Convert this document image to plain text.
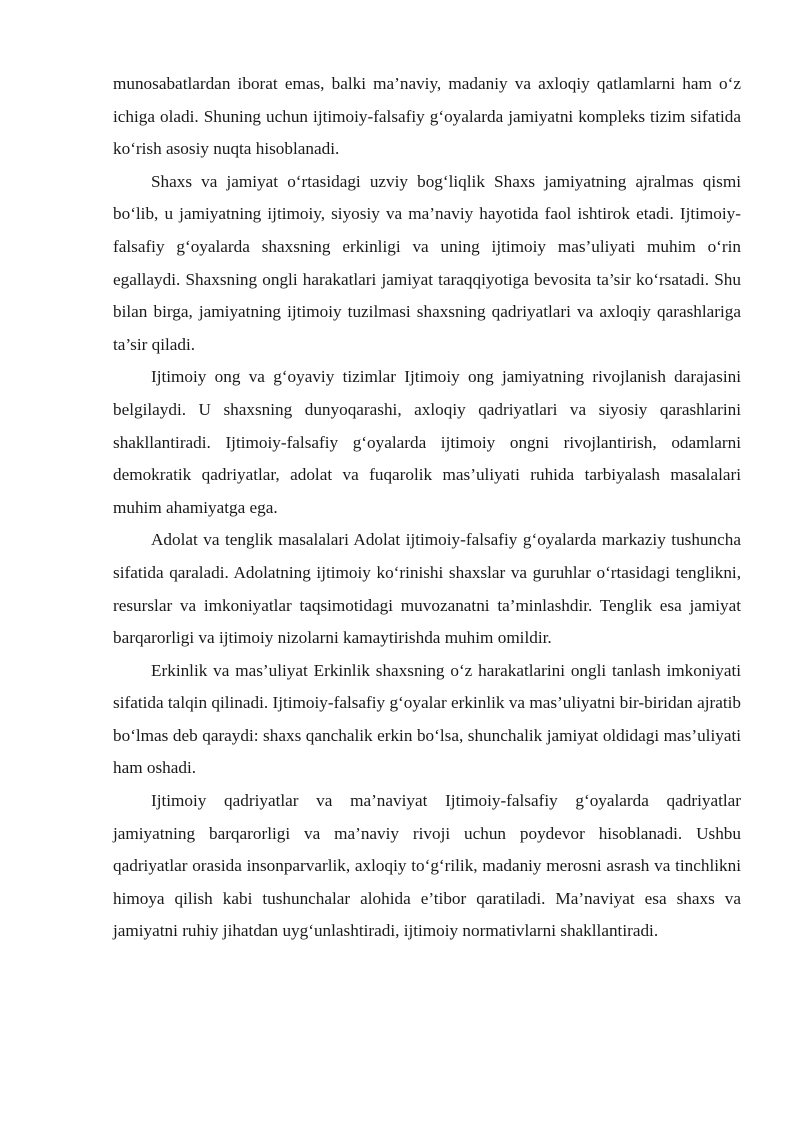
munosabatlardan iborat emas, balki ma’naviy, madaniy va axloqiy qatlamlarni ham o‘z ichiga oladi. Shuning uchun ijtimoiy-falsafiy g‘oyalarda jamiyatni kompleks tizim sifatida ko‘rish asosiy nuqta hisoblanadi.

Shaxs va jamiyat o‘rtasidagi uzviy bog‘liqlik Shaxs jamiyatning ajralmas qismi bo‘lib, u jamiyatning ijtimoiy, siyosiy va ma’naviy hayotida faol ishtirok etadi. Ijtimoiy-falsafiy g‘oyalarda shaxsning erkinligi va uning ijtimoiy mas’uliyati muhim o‘rin egallaydi. Shaxsning ongli harakatlari jamiyat taraqqiyotiga bevosita ta’sir ko‘rsatadi. Shu bilan birga, jamiyatning ijtimoiy tuzilmasi shaxsning qadriyatlari va axloqiy qarashlariga ta’sir qiladi.

Ijtimoiy ong va g‘oyaviy tizimlar Ijtimoiy ong jamiyatning rivojlanish darajasini belgilaydi. U shaxsning dunyoqarashi, axloqiy qadriyatlari va siyosiy qarashlarini shakllantiradi. Ijtimoiy-falsafiy g‘oyalarda ijtimoiy ongni rivojlantirish, odamlarni demokratik qadriyatlar, adolat va fuqarolik mas’uliyati ruhida tarbiyalash masalalari muhim ahamiyatga ega.

Adolat va tenglik masalalari Adolat ijtimoiy-falsafiy g‘oyalarda markaziy tushuncha sifatida qaraladi. Adolatning ijtimoiy ko‘rinishi shaxslar va guruhlar o‘rtasidagi tenglikni, resurslar va imkoniyatlar taqsimotidagi muvozanatni ta’minlashdir. Tenglik esa jamiyat barqarorligi va ijtimoiy nizolarni kamaytirishda muhim omildir.

Erkinlik va mas’uliyat Erkinlik shaxsning o‘z harakatlarini ongli tanlash imkoniyati sifatida talqin qilinadi. Ijtimoiy-falsafiy g‘oyalar erkinlik va mas’uliyatni bir-biridan ajratib bo‘lmas deb qaraydi: shaxs qanchalik erkin bo‘lsa, shunchalik jamiyat oldidagi mas’uliyati ham oshadi.

Ijtimoiy qadriyatlar va ma’naviyat Ijtimoiy-falsafiy g‘oyalarda qadriyatlar jamiyatning barqarorligi va ma’naviy rivoji uchun poydevor hisoblanadi. Ushbu qadriyatlar orasida insonparvarlik, axloqiy to‘g‘rilik, madaniy merosni asrash va tinchlikni himoya qilish kabi tushunchalar alohida e’tibor qaratiladi. Ma’naviyat esa shaxs va jamiyatni ruhiy jihatdan uyg‘unlashtiradi, ijtimoiy normativlarni shakllantiradi.
